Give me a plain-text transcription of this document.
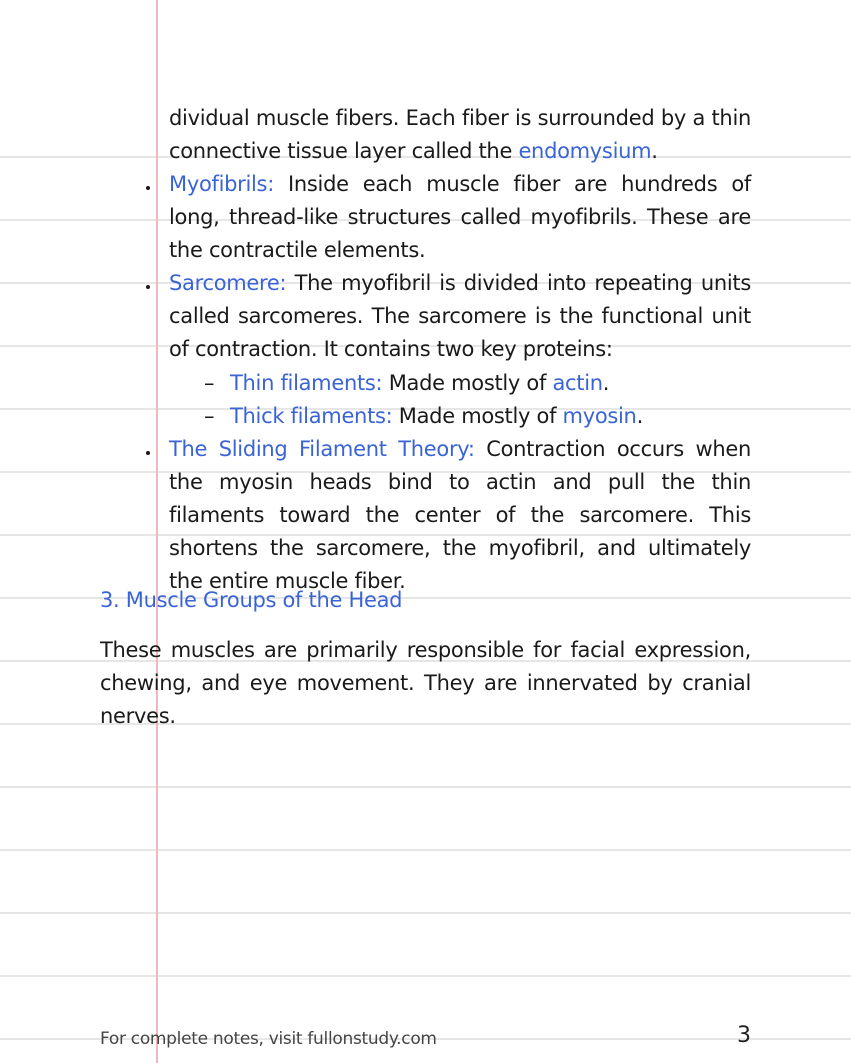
dividual muscle fibers. Each fiber is surrounded by a thin
connective tissue layer called the endomysium.
Myofibrils: Inside each muscle fiber are hundreds of long, thread-like structures called myofibrils. These are the contractile elements.
Sarcomere: The myofibril is divided into repeating units called sarcomeres. The sarcomere is the functional unit of contraction. It contains two key proteins:
– Thin filaments: Made mostly of actin.
– Thick filaments: Made mostly of myosin.
The Sliding Filament Theory: Contraction occurs when the myosin heads bind to actin and pull the thin filaments toward the center of the sarcomere. This shortens the sarcomere, the myofibril, and ultimately the entire muscle fiber.
3. Muscle Groups of the Head
These muscles are primarily responsible for facial expression, chewing, and eye movement. They are innervated by cranial nerves.
For complete notes, visit fullonstudy.com	3
